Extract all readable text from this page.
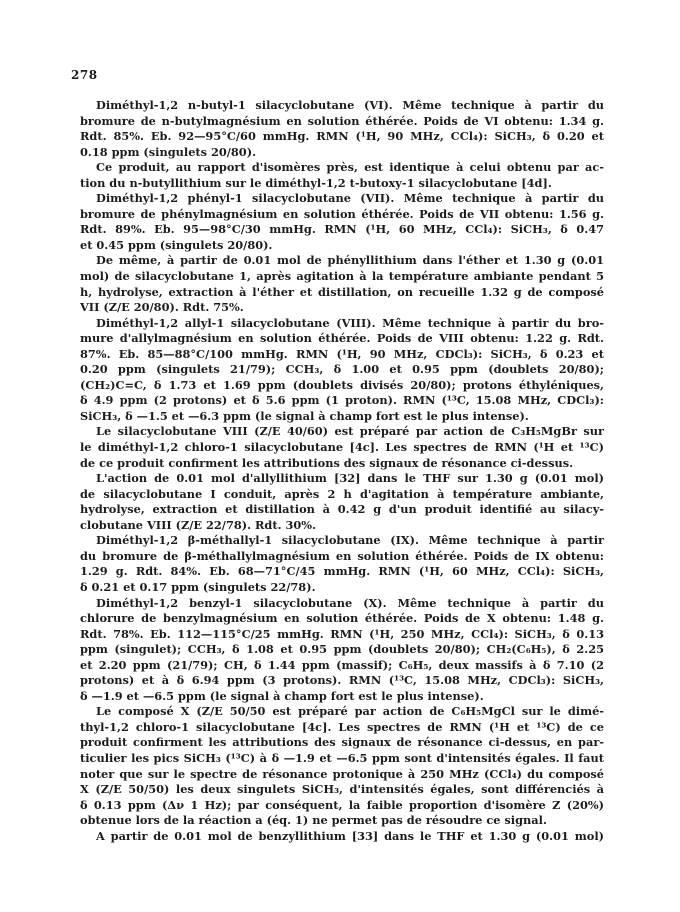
278
Diméthyl-1,2 n-butyl-1 silacyclobutane (VI). Même technique à partir du
bromure de n-butylmagnésium en solution éthérée. Poids de VI obtenu: 1.34 g.
Rdt. 85%. Eb. 92—95°C/60 mmHg. RMN (¹H, 90 MHz, CCl₄): SiCH₃, δ 0.20 et
0.18 ppm (singulets 20/80).
Ce produit, au rapport d'isomères près, est identique à celui obtenu par ac-
tion du n-butyllithium sur le diméthyl-1,2 t-butoxy-1 silacyclobutane [4d].
Diméthyl-1,2 phényl-1 silacyclobutane (VII). Même technique à partir du
bromure de phénylmagnésium en solution éthérée. Poids de VII obtenu: 1.56 g.
Rdt. 89%. Eb. 95—98°C/30 mmHg. RMN (¹H, 60 MHz, CCl₄): SiCH₃, δ 0.47
et 0.45 ppm (singulets 20/80).
De même, à partir de 0.01 mol de phényllithium dans l'éther et 1.30 g (0.01
mol) de silacyclobutane 1, après agitation à la température ambiante pendant 5
h, hydrolyse, extraction à l'éther et distillation, on recueille 1.32 g de composé
VII (Z/E 20/80). Rdt. 75%.
Diméthyl-1,2 allyl-1 silacyclobutane (VIII). Même technique à partir du bro-
mure d'allylmagnésium en solution éthérée. Poids de VIII obtenu: 1.22 g. Rdt.
87%. Eb. 85—88°C/100 mmHg. RMN (¹H, 90 MHz, CDCl₃): SiCH₃, δ 0.23 et
0.20 ppm (singulets 21/79); CCH₃, δ 1.00 et 0.95 ppm (doublets 20/80);
(CH₂)C=C, δ 1.73 et 1.69 ppm (doublets divisés 20/80); protons éthyléniques,
δ 4.9 ppm (2 protons) et δ 5.6 ppm (1 proton). RMN (¹³C, 15.08 MHz, CDCl₃):
SiCH₃, δ —1.5 et —6.3 ppm (le signal à champ fort est le plus intense).
Le silacyclobutane VIII (Z/E 40/60) est préparé par action de C₃H₅MgBr sur
le diméthyl-1,2 chloro-1 silacyclobutane [4c]. Les spectres de RMN (¹H et ¹³C)
de ce produit confirment les attributions des signaux de résonance ci-dessus.
L'action de 0.01 mol d'allyllithium [32] dans le THF sur 1.30 g (0.01 mol)
de silacyclobutane I conduit, après 2 h d'agitation à température ambiante,
hydrolyse, extraction et distillation à 0.42 g d'un produit identifié au silacy-
clobutane VIII (Z/E 22/78). Rdt. 30%.
Diméthyl-1,2 β-méthallyl-1 silacyclobutane (IX). Même technique à partir
du bromure de β-méthallylmagnésium en solution éthérée. Poids de IX obtenu:
1.29 g. Rdt. 84%. Eb. 68—71°C/45 mmHg. RMN (¹H, 60 MHz, CCl₄): SiCH₃,
δ 0.21 et 0.17 ppm (singulets 22/78).
Diméthyl-1,2 benzyl-1 silacyclobutane (X). Même technique à partir du
chlorure de benzylmagnésium en solution éthérée. Poids de X obtenu: 1.48 g.
Rdt. 78%. Eb. 112—115°C/25 mmHg. RMN (¹H, 250 MHz, CCl₄): SiCH₃, δ 0.13
ppm (singulet); CCH₃, δ 1.08 et 0.95 ppm (doublets 20/80); CH₂(C₆H₅), δ 2.25
et 2.20 ppm (21/79); CH, δ 1.44 ppm (massif); C₆H₅, deux massifs à δ 7.10 (2
protons) et à δ 6.94 ppm (3 protons). RMN (¹³C, 15.08 MHz, CDCl₃): SiCH₃,
δ —1.9 et —6.5 ppm (le signal à champ fort est le plus intense).
Le composé X (Z/E 50/50 est préparé par action de C₆H₅MgCl sur le dimé-
thyl-1,2 chloro-1 silacyclobutane [4c]. Les spectres de RMN (¹H et ¹³C) de ce
produit confirment les attributions des signaux de résonance ci-dessus, en par-
ticulier les pics SiCH₃ (¹³C) à δ —1.9 et —6.5 ppm sont d'intensités égales. Il faut
noter que sur le spectre de résonance protonique à 250 MHz (CCl₄) du composé
X (Z/E 50/50) les deux singulets SiCH₃, d'intensités égales, sont différenciés à
δ 0.13 ppm (Δν 1 Hz); par conséquent, la faible proportion d'isomère Z (20%)
obtenue lors de la réaction a (éq. 1) ne permet pas de résoudre ce signal.
A partir de 0.01 mol de benzyllithium [33] dans le THF et 1.30 g (0.01 mol)
